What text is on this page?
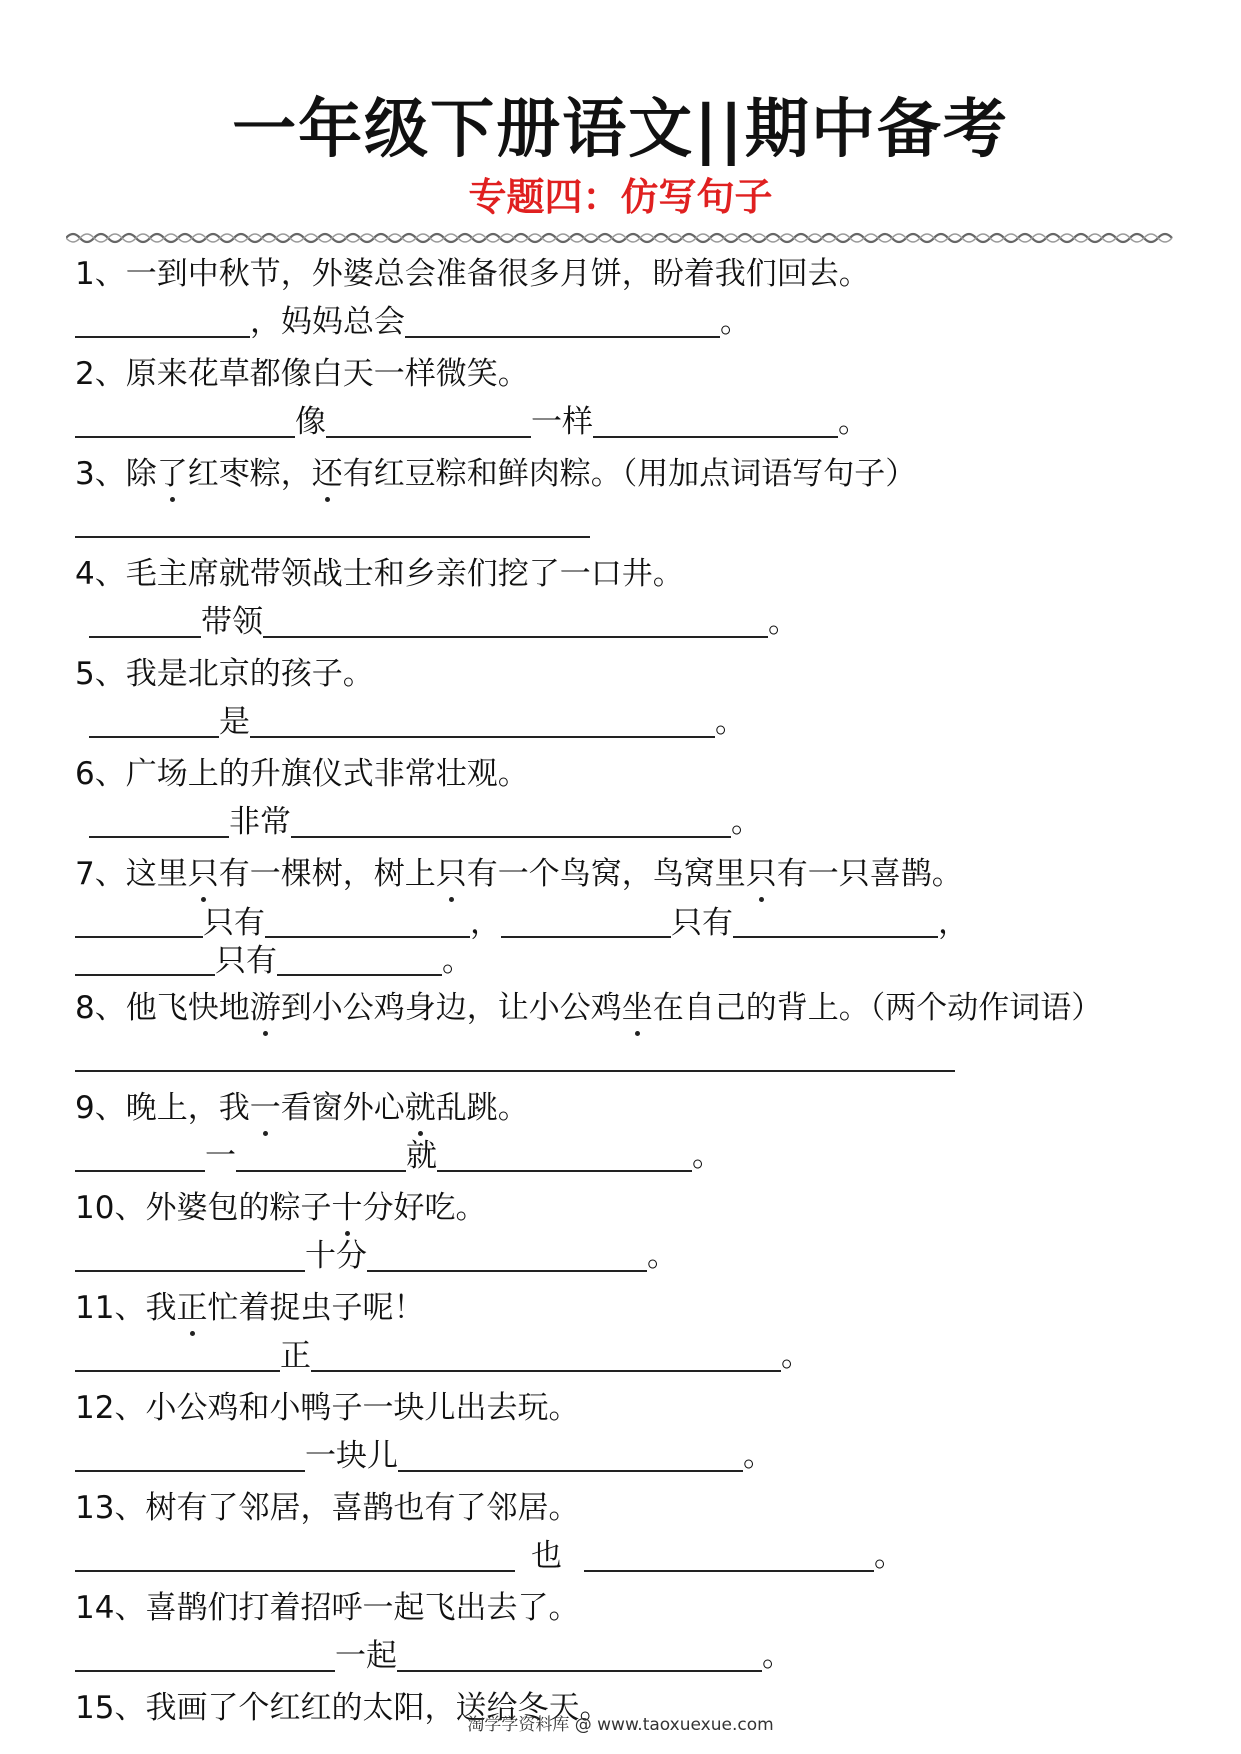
一年级下册语文||期中备考
专题四：仿写句子
1、一到中秋节，外婆总会准备很多月饼，盼着我们回去。
，妈妈总会	。
2、原来花草都像白天一样微笑。
像	一样	。
3、除了红枣粽，还有红豆粽和鲜肉粽。（用加点词语写句子）
4、毛主席就带领战士和乡亲们挖了一口井。
带领	。
5、我是北京的孩子。
是	。
6、广场上的升旗仪式非常壮观。
非常	。
7、这里只有一棵树，树上只有一个鸟窝，鸟窝里只有一只喜鹊。
只有	，	只有	，
只有	。
8、他飞快地游到小公鸡身边，让小公鸡坐在自己的背上。（两个动作词语）
9、晚上，我一看窗外心就乱跳。
一	就	。
10、外婆包的粽子十分好吃。
十分	。
11、我正忙着捉虫子呢！
正	。
12、小公鸡和小鸭子一块儿出去玩。
一块儿	。
13、树有了邻居，喜鹊也有了邻居。
也	。
14、喜鹊们打着招呼一起飞出去了。
一起	。
15、我画了个红红的太阳，送给冬天。
淘学学资料库 @ www.taoxuexue.com
